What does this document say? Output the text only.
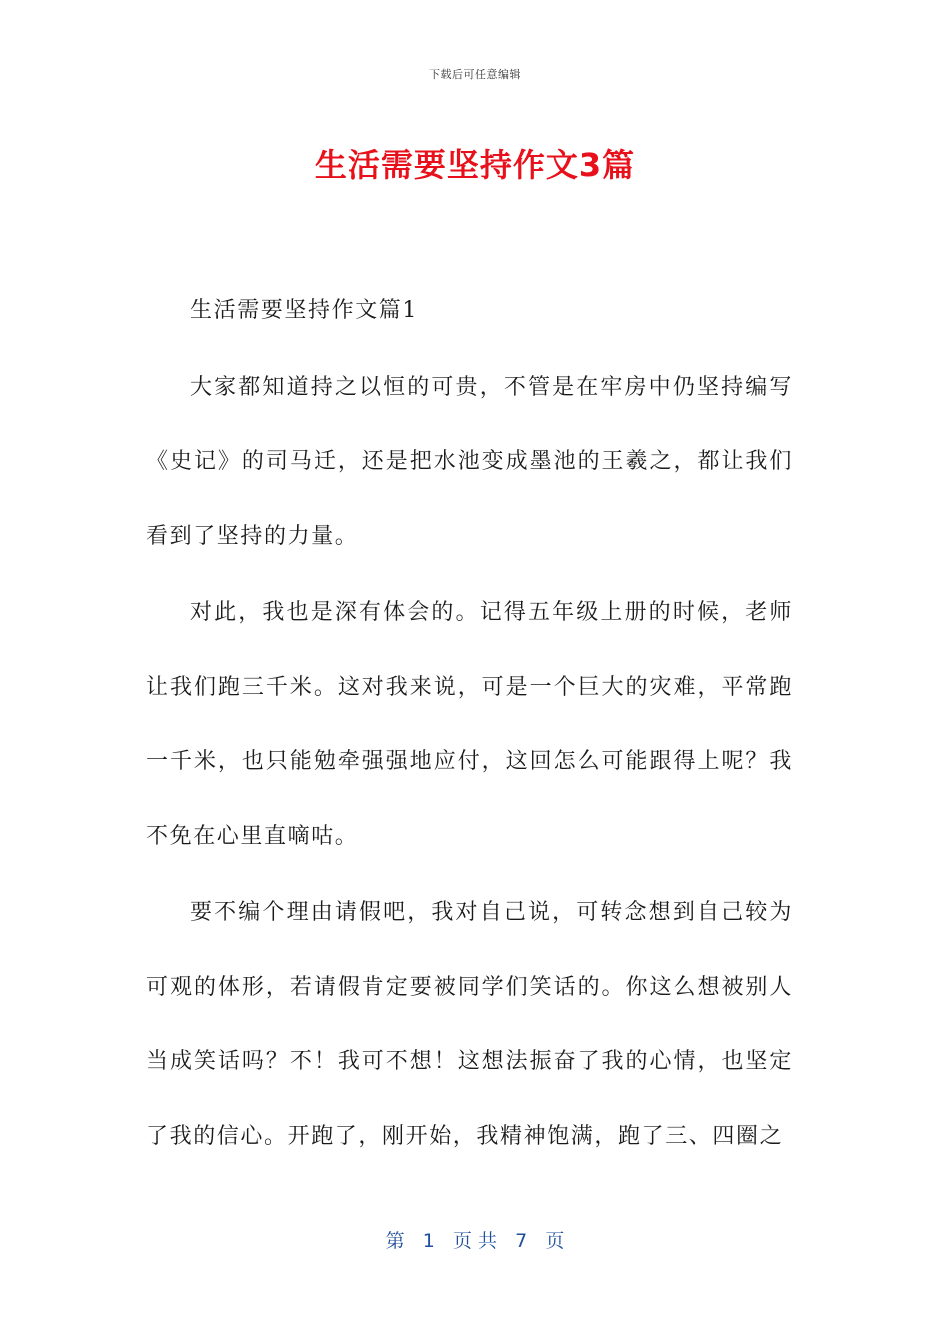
下载后可任意编辑
生活需要坚持作文3篇

生活需要坚持作文篇1

大家都知道持之以恒的可贵，不管是在牢房中仍坚持编写《史记》的司马迁，还是把水池变成墨池的王羲之，都让我们看到了坚持的力量。

对此，我也是深有体会的。记得五年级上册的时候，老师让我们跑三千米。这对我来说，可是一个巨大的灾难，平常跑一千米，也只能勉牵强强地应付，这回怎么可能跟得上呢？我不免在心里直嘀咕。

要不编个理由请假吧，我对自己说，可转念想到自己较为可观的体形，若请假肯定要被同学们笑话的。你这么想被别人当成笑话吗？不！我可不想！这想法振奋了我的心情，也坚定了我的信心。开跑了，刚开始，我精神饱满，跑了三、四圈之

第 1 页 共 7 页
